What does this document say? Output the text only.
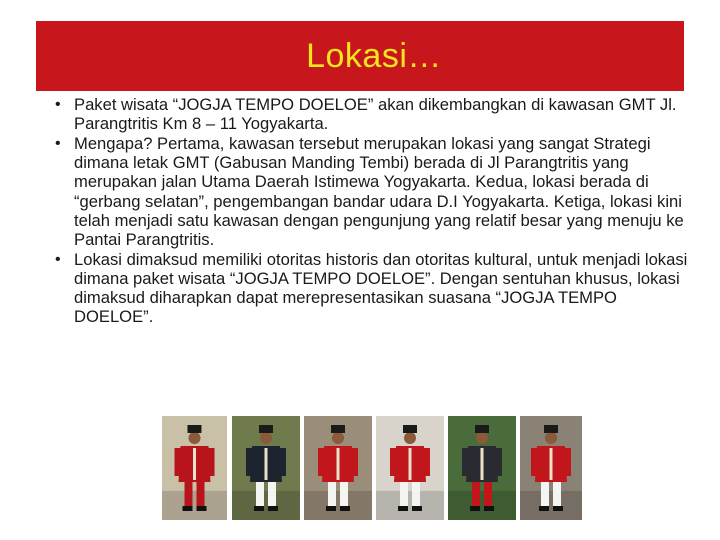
Lokasi…
• Paket wisata “JOGJA TEMPO DOELOE” akan dikembangkan di kawasan GMT Jl. Parangtritis Km 8 – 11 Yogyakarta.
• Mengapa? Pertama, kawasan tersebut merupakan lokasi yang sangat Strategi dimana letak GMT (Gabusan Manding Tembi) berada di Jl Parangtritis yang merupakan jalan Utama Daerah Istimewa Yogyakarta. Kedua, lokasi berada di “gerbang selatan”, pengembangan bandar udara D.I Yogyakarta. Ketiga, lokasi kini telah menjadi satu kawasan dengan pengunjung yang relatif besar yang menuju ke Pantai Parangtritis.
• Lokasi dimaksud memiliki otoritas historis dan otoritas kultural, untuk menjadi lokasi dimana paket wisata “JOGJA TEMPO DOELOE”. Dengan sentuhan khusus, lokasi dimaksud diharapkan dapat merepresentasikan suasana “JOGJA TEMPO DOELOE”.
